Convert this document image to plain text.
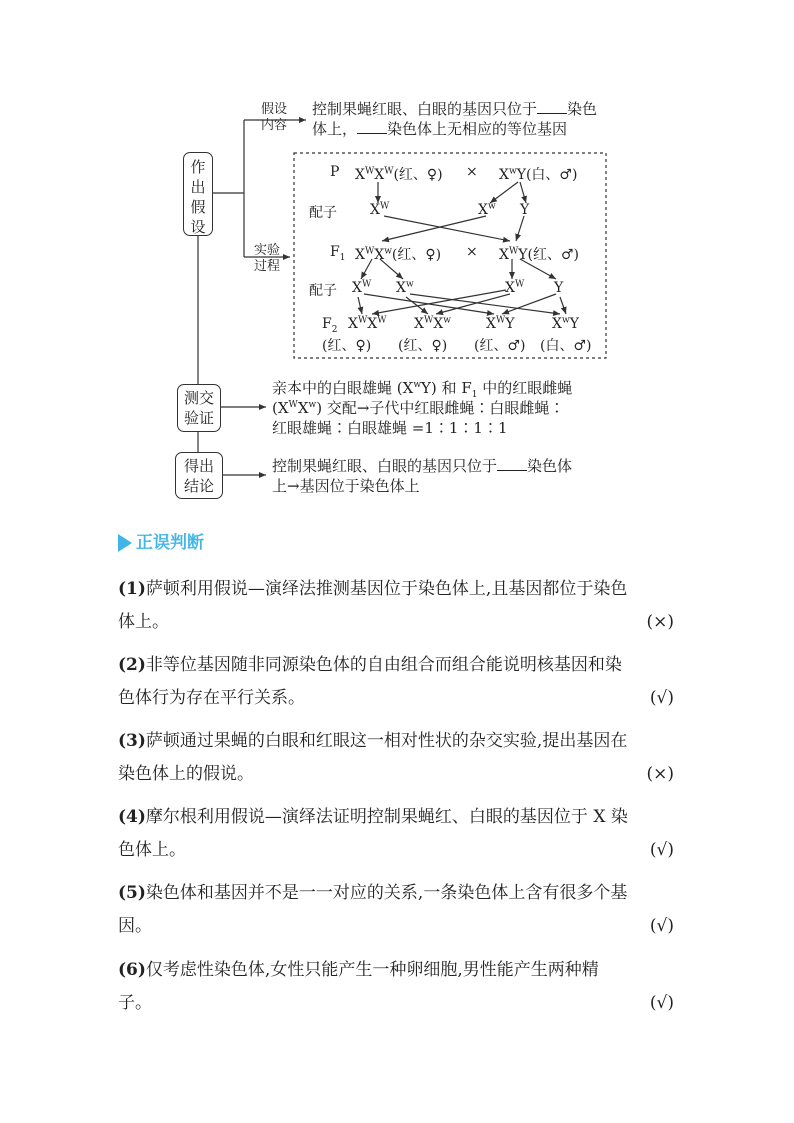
作
出
假
设
假设
内容
实验
过程
控制果蝇红眼、白眼的基因只位于 染色
体上， 染色体上无相应的等位基因
P $X^WX^W$(红、♀) × $X^wY$(白、♂)
配子 $X^W$	$X^w$ Y
$F_1$ $X^WX^w$(红、♀) × $X^WY$(红、♂)
配子 $X^W$ $X^w$	$X^W$ Y
$F_2$ $X^WX^W$ $X^WX^w$	$X^WY$	$X^wY$
(红、♀) (红、♀) (红、♂) (白、♂)
测交
验证
亲本中的白眼雄蝇 $(X^wY)$ 和 $F_1$ 中的红眼雌蝇
$(X^WX^w)$ 交配→子代中红眼雌蝇∶白眼雌蝇∶
红眼雄蝇∶白眼雄蝇 =1∶1∶1∶1
得出
结论
控制果蝇红眼、白眼的基因只位于 染色体
上→基因位于染色体上
正误判断
(1)萨顿利用假说—演绎法推测基因位于染色体上,且基因都位于染色
体上。	(×)
(2)非等位基因随非同源染色体的自由组合而组合能说明核基因和染
色体行为存在平行关系。	(√)
(3)萨顿通过果蝇的白眼和红眼这一相对性状的杂交实验,提出基因在
染色体上的假说。	(×)
(4)摩尔根利用假说—演绎法证明控制果蝇红、白眼的基因位于 X 染
色体上。	(√)
(5)染色体和基因并不是一一对应的关系,一条染色体上含有很多个基
因。	(√)
(6)仅考虑性染色体,女性只能产生一种卵细胞,男性能产生两种精
子。	(√)
